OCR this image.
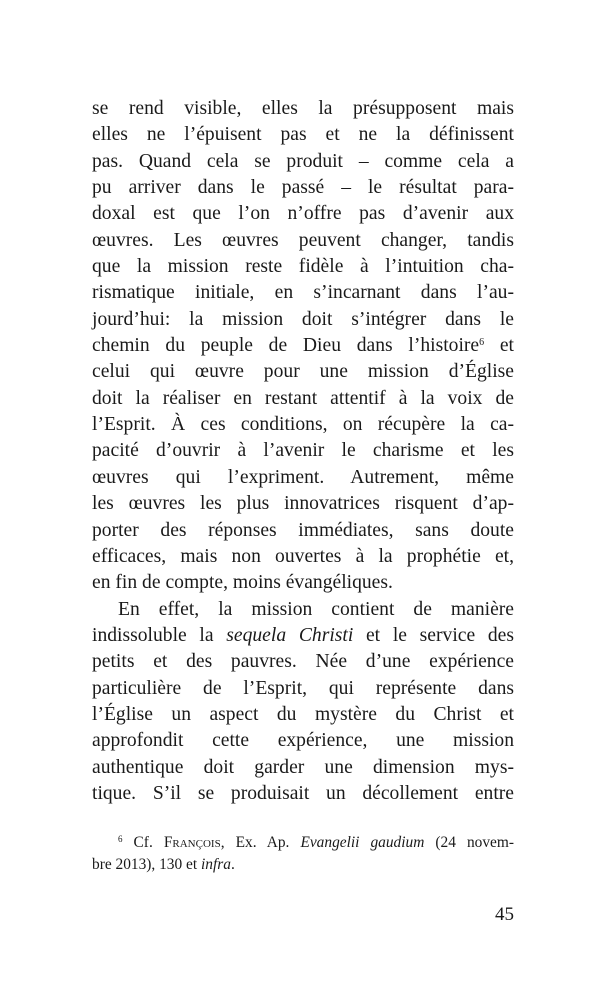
se rend visible, elles la présupposent mais
elles ne l’épuisent pas et ne la définissent
pas. Quand cela se produit – comme cela a
pu arriver dans le passé – le résultat para-
doxal est que l’on n’offre pas d’avenir aux
œuvres. Les œuvres peuvent changer, tandis
que la mission reste fidèle à l’intuition cha-
rismatique initiale, en s’incarnant dans l’au-
jourd’hui: la mission doit s’intégrer dans le
chemin du peuple de Dieu dans l’histoire$^6$ et
celui qui œuvre pour une mission d’Église
doit la réaliser en restant attentif à la voix de
l’Esprit. À ces conditions, on récupère la ca-
pacité d’ouvrir à l’avenir le charisme et les
œuvres qui l’expriment. Autrement, même
les œuvres les plus innovatrices risquent d’ap-
porter des réponses immédiates, sans doute
efficaces, mais non ouvertes à la prophétie et,
en fin de compte, moins évangéliques.

En effet, la mission contient de manière
indissoluble la sequela Christi et le service des
petits et des pauvres. Née d’une expérience
particulière de l’Esprit, qui représente dans
l’Église un aspect du mystère du Christ et
approfondit cette expérience, une mission
authentique doit garder une dimension mys-
tique. S’il se produisait un décollement entre

$^6$ Cf. François, Ex. Ap. Evangelii gaudium (24 novem-
bre 2013), 130 et infra.
45
